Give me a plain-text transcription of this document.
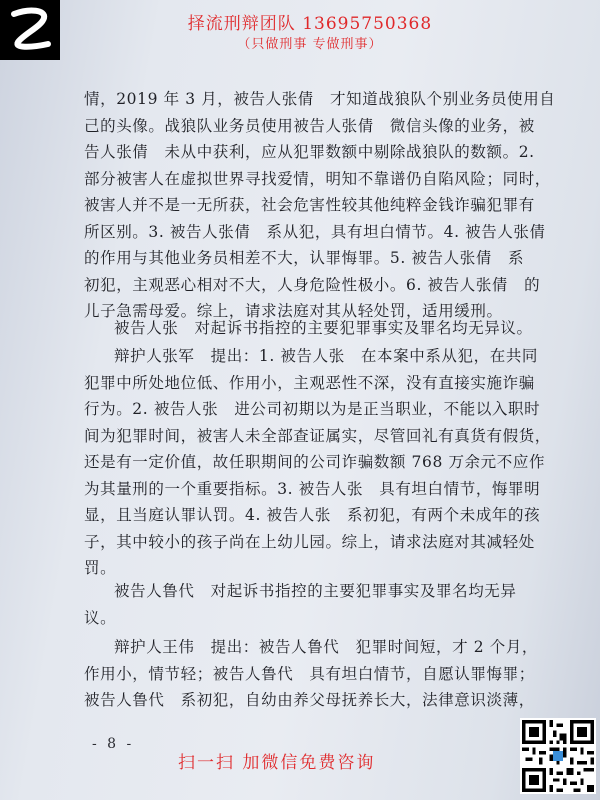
择流刑辩团队 13695750368
（只做刑事 专做刑事）
情，2019 年 3 月，被告人张倩　才知道战狼队个别业务员使用自
己的头像。战狼队业务员使用被告人张倩　微信头像的业务，被
告人张倩　未从中获利，应从犯罪数额中剔除战狼队的数额。2.
部分被害人在虚拟世界寻找爱情，明知不靠谱仍自陷风险；同时，
被害人并不是一无所获，社会危害性较其他纯粹金钱诈骗犯罪有
所区别。3. 被告人张倩　系从犯，具有坦白情节。4. 被告人张倩
的作用与其他业务员相差不大，认罪悔罪。5. 被告人张倩　系
初犯，主观恶心相对不大，人身危险性极小。6. 被告人张倩　的
儿子急需母爱。综上，请求法庭对其从轻处罚，适用缓刑。
被告人张　对起诉书指控的主要犯罪事实及罪名均无异议。
辩护人张军　提出：1. 被告人张　在本案中系从犯，在共同
犯罪中所处地位低、作用小，主观恶性不深，没有直接实施诈骗
行为。2. 被告人张　进公司初期以为是正当职业，不能以入职时
间为犯罪时间，被害人未全部查证属实，尽管回礼有真货有假货，
还是有一定价值，故任职期间的公司诈骗数额 768 万余元不应作
为其量刑的一个重要指标。3. 被告人张　具有坦白情节，悔罪明
显，且当庭认罪认罚。4. 被告人张　系初犯，有两个未成年的孩
子，其中较小的孩子尚在上幼儿园。综上，请求法庭对其减轻处
罚。
被告人鲁代　对起诉书指控的主要犯罪事实及罪名均无异
议。
辩护人王伟　提出：被告人鲁代　犯罪时间短，才 2 个月，
作用小，情节轻；被告人鲁代　具有坦白情节，自愿认罪悔罪；
被告人鲁代　系初犯，自幼由养父母抚养长大，法律意识淡薄，
- 8 -
扫一扫 加微信免费咨询
